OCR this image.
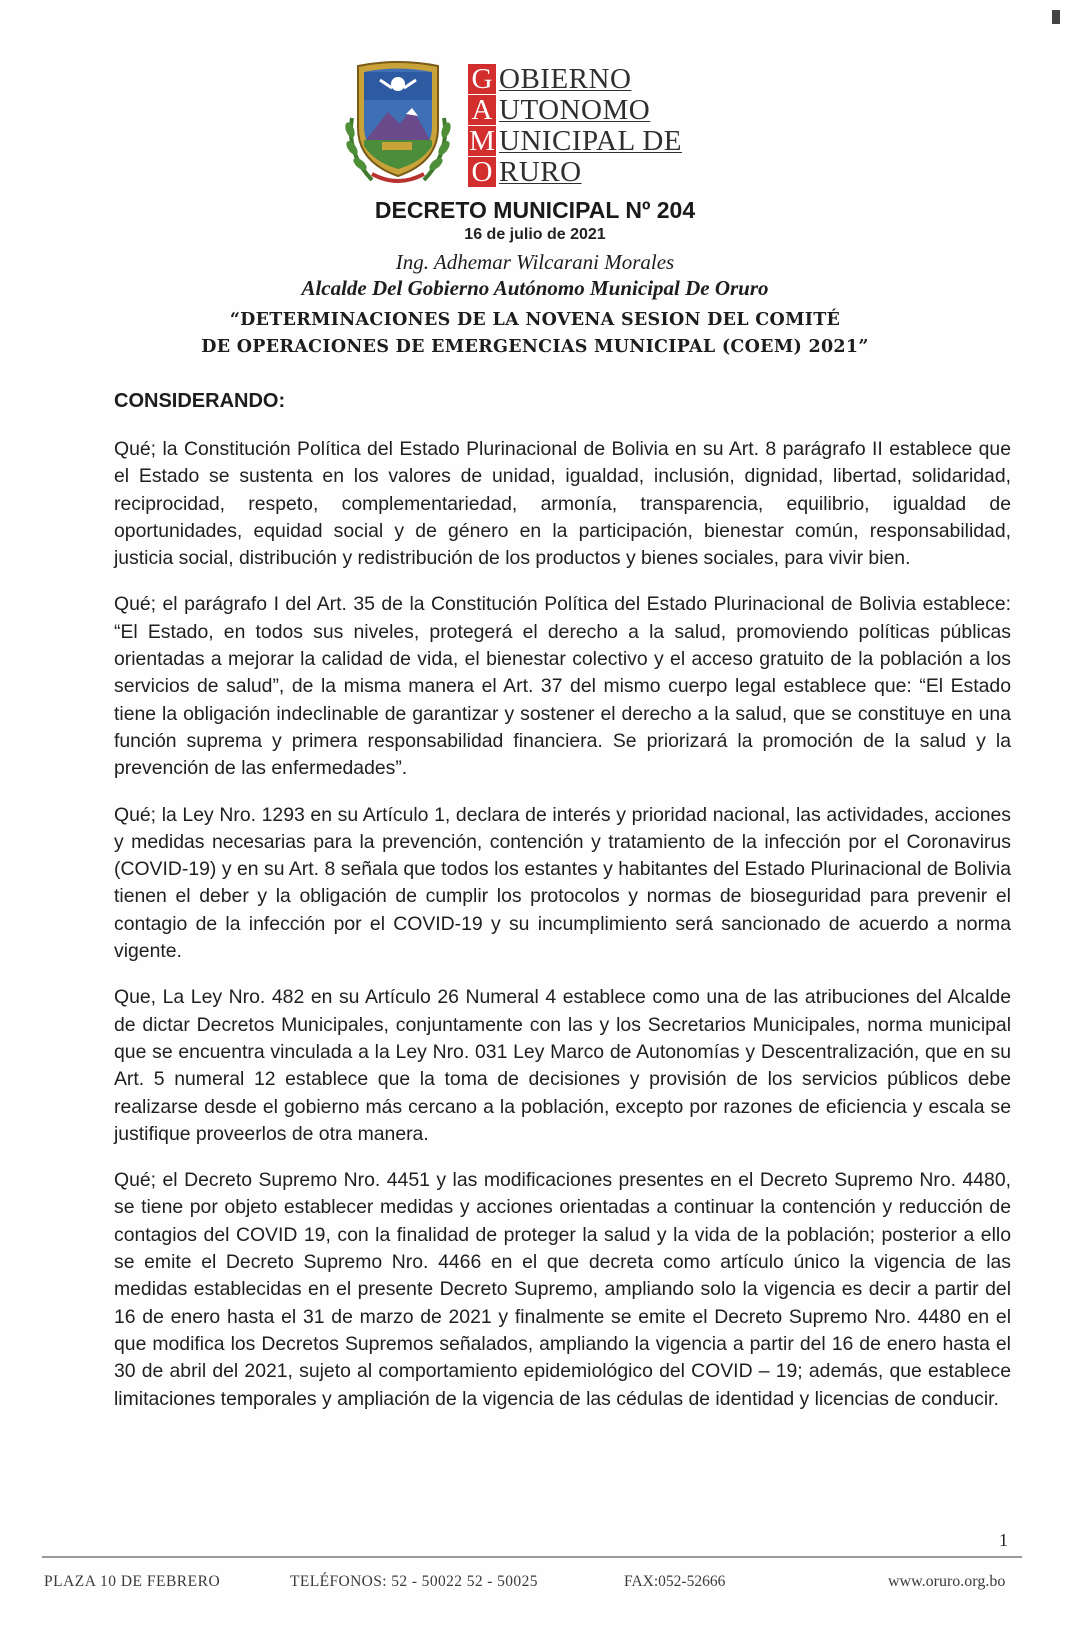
G OBIERNO
A UTONOMO
M UNICIPAL DE
O RURO
DECRETO MUNICIPAL Nº 204
16 de julio de 2021
Ing. Adhemar Wilcarani Morales
Alcalde Del Gobierno Autónomo Municipal De Oruro
“DETERMINACIONES DE LA NOVENA SESION DEL COMITÉ
DE OPERACIONES DE EMERGENCIAS MUNICIPAL (COEM) 2021”
CONSIDERANDO:

Qué; la Constitución Política del Estado Plurinacional de Bolivia en su Art. 8 parágrafo II establece que el Estado se sustenta en los valores de unidad, igualdad, inclusión, dignidad, libertad, solidaridad, reciprocidad, respeto, complementariedad, armonía, transparencia, equilibrio, igualdad de oportunidades, equidad social y de género en la participación, bienestar común, responsabilidad, justicia social, distribución y redistribución de los productos y bienes sociales, para vivir bien.

Qué; el parágrafo I del Art. 35 de la Constitución Política del Estado Plurinacional de Bolivia establece: “El Estado, en todos sus niveles, protegerá el derecho a la salud, promoviendo políticas públicas orientadas a mejorar la calidad de vida, el bienestar colectivo y el acceso gratuito de la población a los servicios de salud”, de la misma manera el Art. 37 del mismo cuerpo legal establece que: “El Estado tiene la obligación indeclinable de garantizar y sostener el derecho a la salud, que se constituye en una función suprema y primera responsabilidad financiera. Se priorizará la promoción de la salud y la prevención de las enfermedades”.

Qué; la Ley Nro. 1293 en su Artículo 1, declara de interés y prioridad nacional, las actividades, acciones y medidas necesarias para la prevención, contención y tratamiento de la infección por el Coronavirus (COVID-19) y en su Art. 8 señala que todos los estantes y habitantes del Estado Plurinacional de Bolivia tienen el deber y la obligación de cumplir los protocolos y normas de bioseguridad para prevenir el contagio de la infección por el COVID-19 y su incumplimiento será sancionado de acuerdo a norma vigente.

Que, La Ley Nro. 482 en su Artículo 26 Numeral 4 establece como una de las atribuciones del Alcalde de dictar Decretos Municipales, conjuntamente con las y los Secretarios Municipales, norma municipal que se encuentra vinculada a la Ley Nro. 031 Ley Marco de Autonomías y Descentralización, que en su Art. 5 numeral 12 establece que la toma de decisiones y provisión de los servicios públicos debe realizarse desde el gobierno más cercano a la población, excepto por razones de eficiencia y escala se justifique proveerlos de otra manera.

Qué; el Decreto Supremo Nro. 4451 y las modificaciones presentes en el Decreto Supremo Nro. 4480, se tiene por objeto establecer medidas y acciones orientadas a continuar la contención y reducción de contagios del COVID 19, con la finalidad de proteger la salud y la vida de la población; posterior a ello se emite el Decreto Supremo Nro. 4466 en el que decreta como artículo único la vigencia de las medidas establecidas en el presente Decreto Supremo, ampliando solo la vigencia es decir a partir del 16 de enero hasta el 31 de marzo de 2021 y finalmente se emite el Decreto Supremo Nro. 4480 en el que modifica los Decretos Supremos señalados, ampliando la vigencia a partir del 16 de enero hasta el 30 de abril del 2021, sujeto al comportamiento epidemiológico del COVID – 19; además, que establece limitaciones temporales y ampliación de la vigencia de las cédulas de identidad y licencias de conducir.

1
PLAZA 10 DE FEBRERO	TELÉFONOS: 52 - 50022 52 - 50025	FAX:052-52666	www.oruro.org.bo
